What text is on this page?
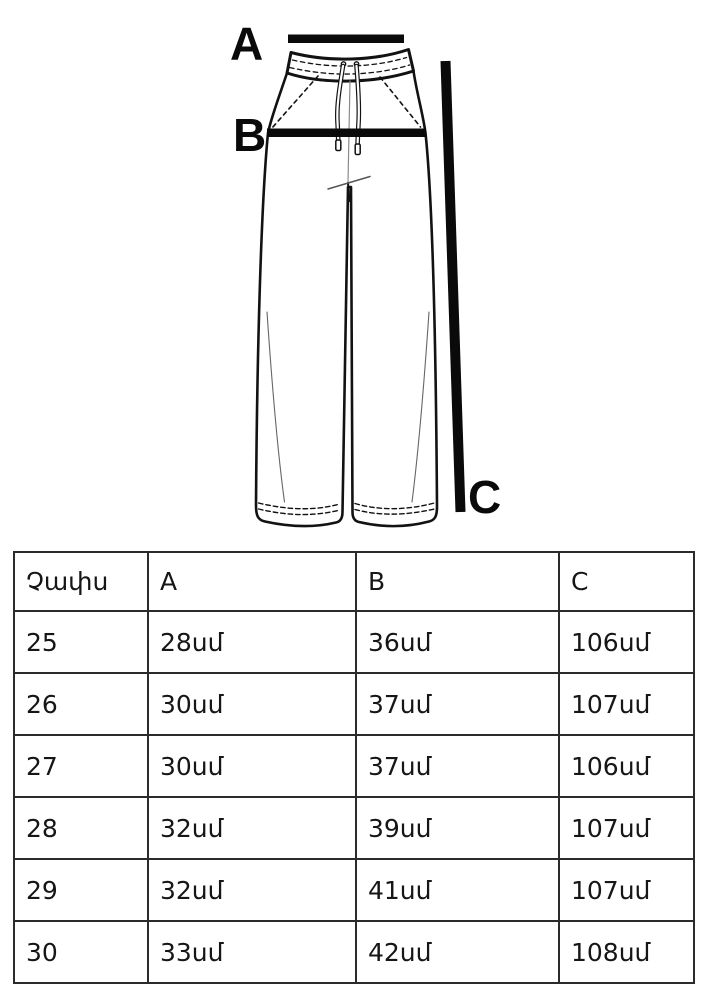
A
B
C
Չափս	A	B	C
25	28սմ	36սմ	106սմ
26	30սմ	37սմ	107սմ
27	30սմ	37սմ	106սմ
28	32սմ	39սմ	107սմ
29	32սմ	41սմ	107սմ
30	33սմ	42սմ	108սմ
